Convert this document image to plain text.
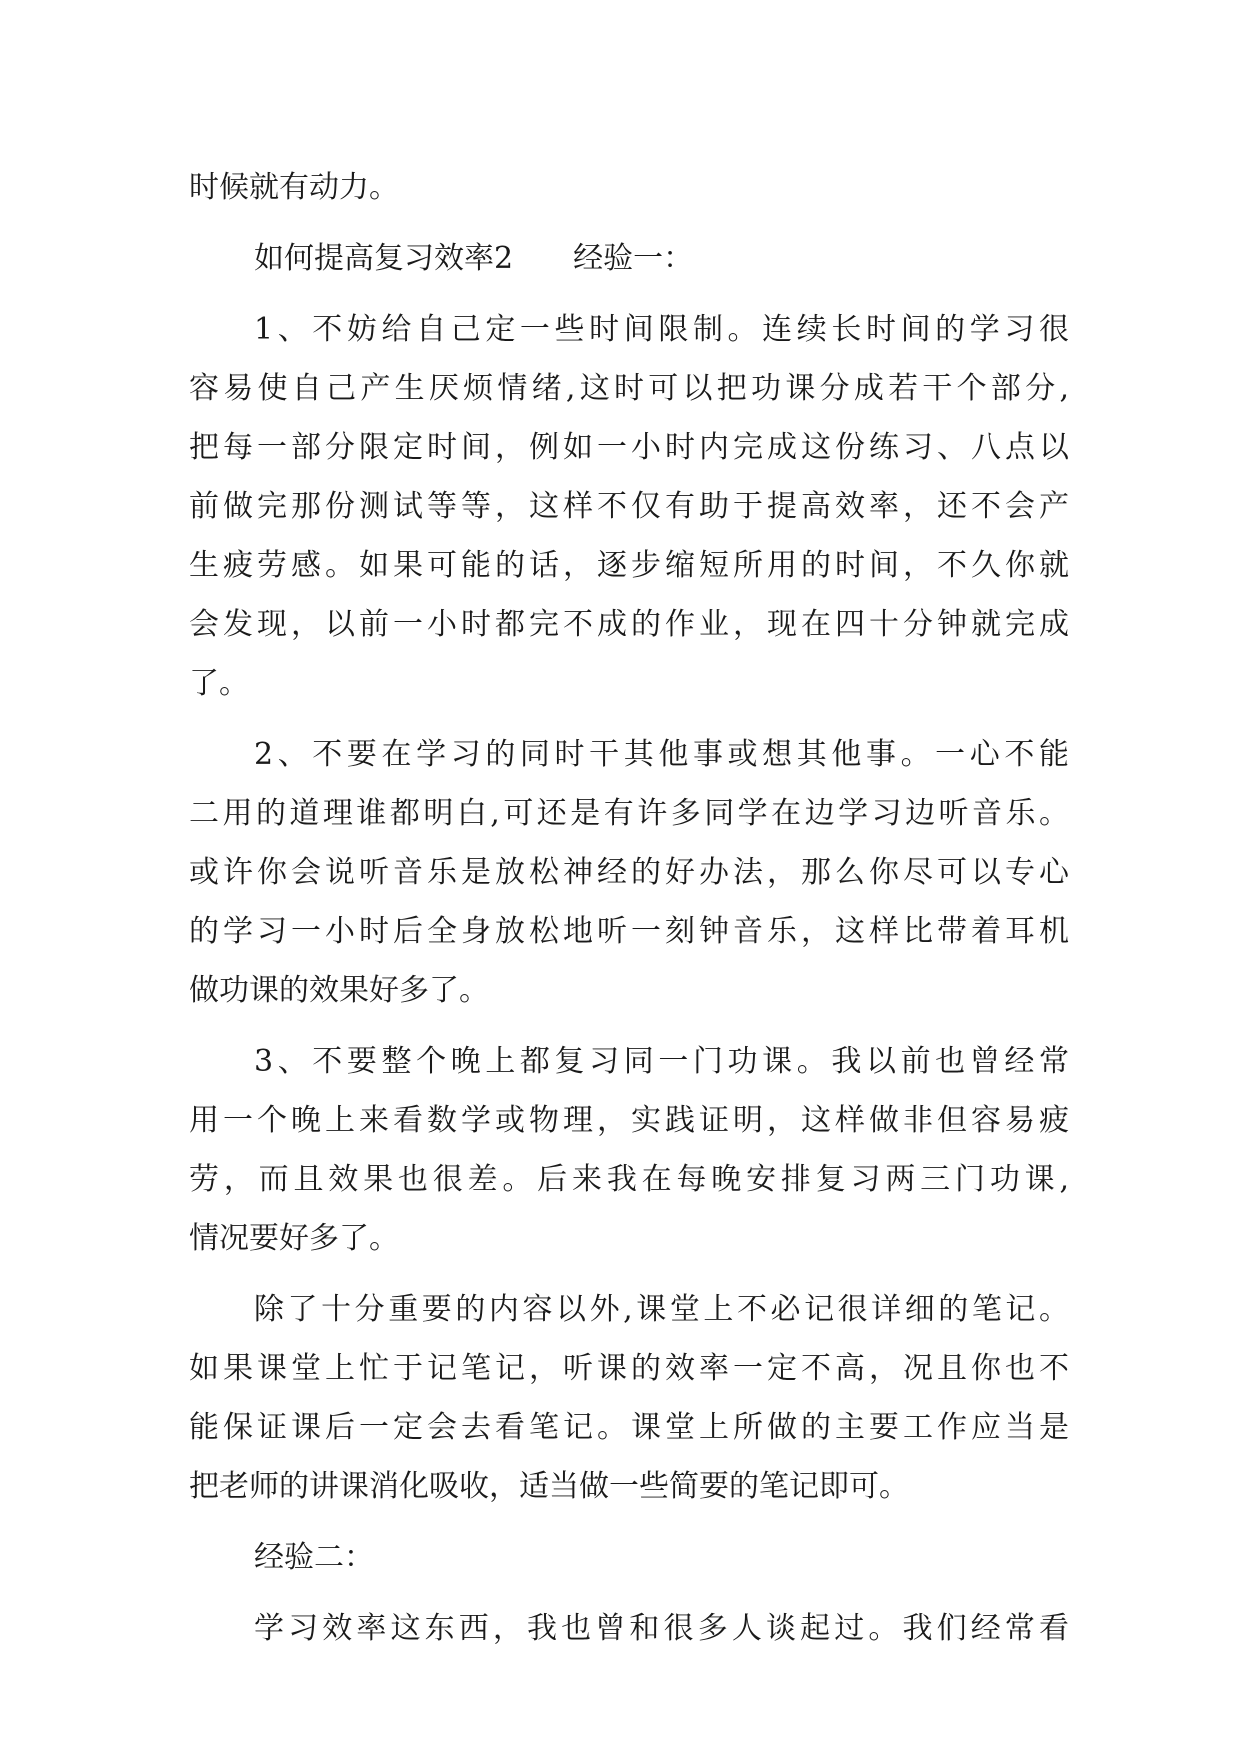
时候就有动力。
如何提高复习效率2　　经验一：
1、不妨给自己定一些时间限制。连续长时间的学习很
容易使自己产生厌烦情绪,这时可以把功课分成若干个部分,
把每一部分限定时间，例如一小时内完成这份练习、八点以
前做完那份测试等等，这样不仅有助于提高效率，还不会产
生疲劳感。如果可能的话，逐步缩短所用的时间，不久你就
会发现，以前一小时都完不成的作业，现在四十分钟就完成
了。
2、不要在学习的同时干其他事或想其他事。一心不能
二用的道理谁都明白,可还是有许多同学在边学习边听音乐。
或许你会说听音乐是放松神经的好办法，那么你尽可以专心
的学习一小时后全身放松地听一刻钟音乐，这样比带着耳机
做功课的效果好多了。
3、不要整个晚上都复习同一门功课。我以前也曾经常
用一个晚上来看数学或物理，实践证明，这样做非但容易疲
劳，而且效果也很差。后来我在每晚安排复习两三门功课,
情况要好多了。
除了十分重要的内容以外,课堂上不必记很详细的笔记。
如果课堂上忙于记笔记，听课的效率一定不高，况且你也不
能保证课后一定会去看笔记。课堂上所做的主要工作应当是
把老师的讲课消化吸收，适当做一些简要的笔记即可。
经验二：
学习效率这东西，我也曾和很多人谈起过。我们经常看
